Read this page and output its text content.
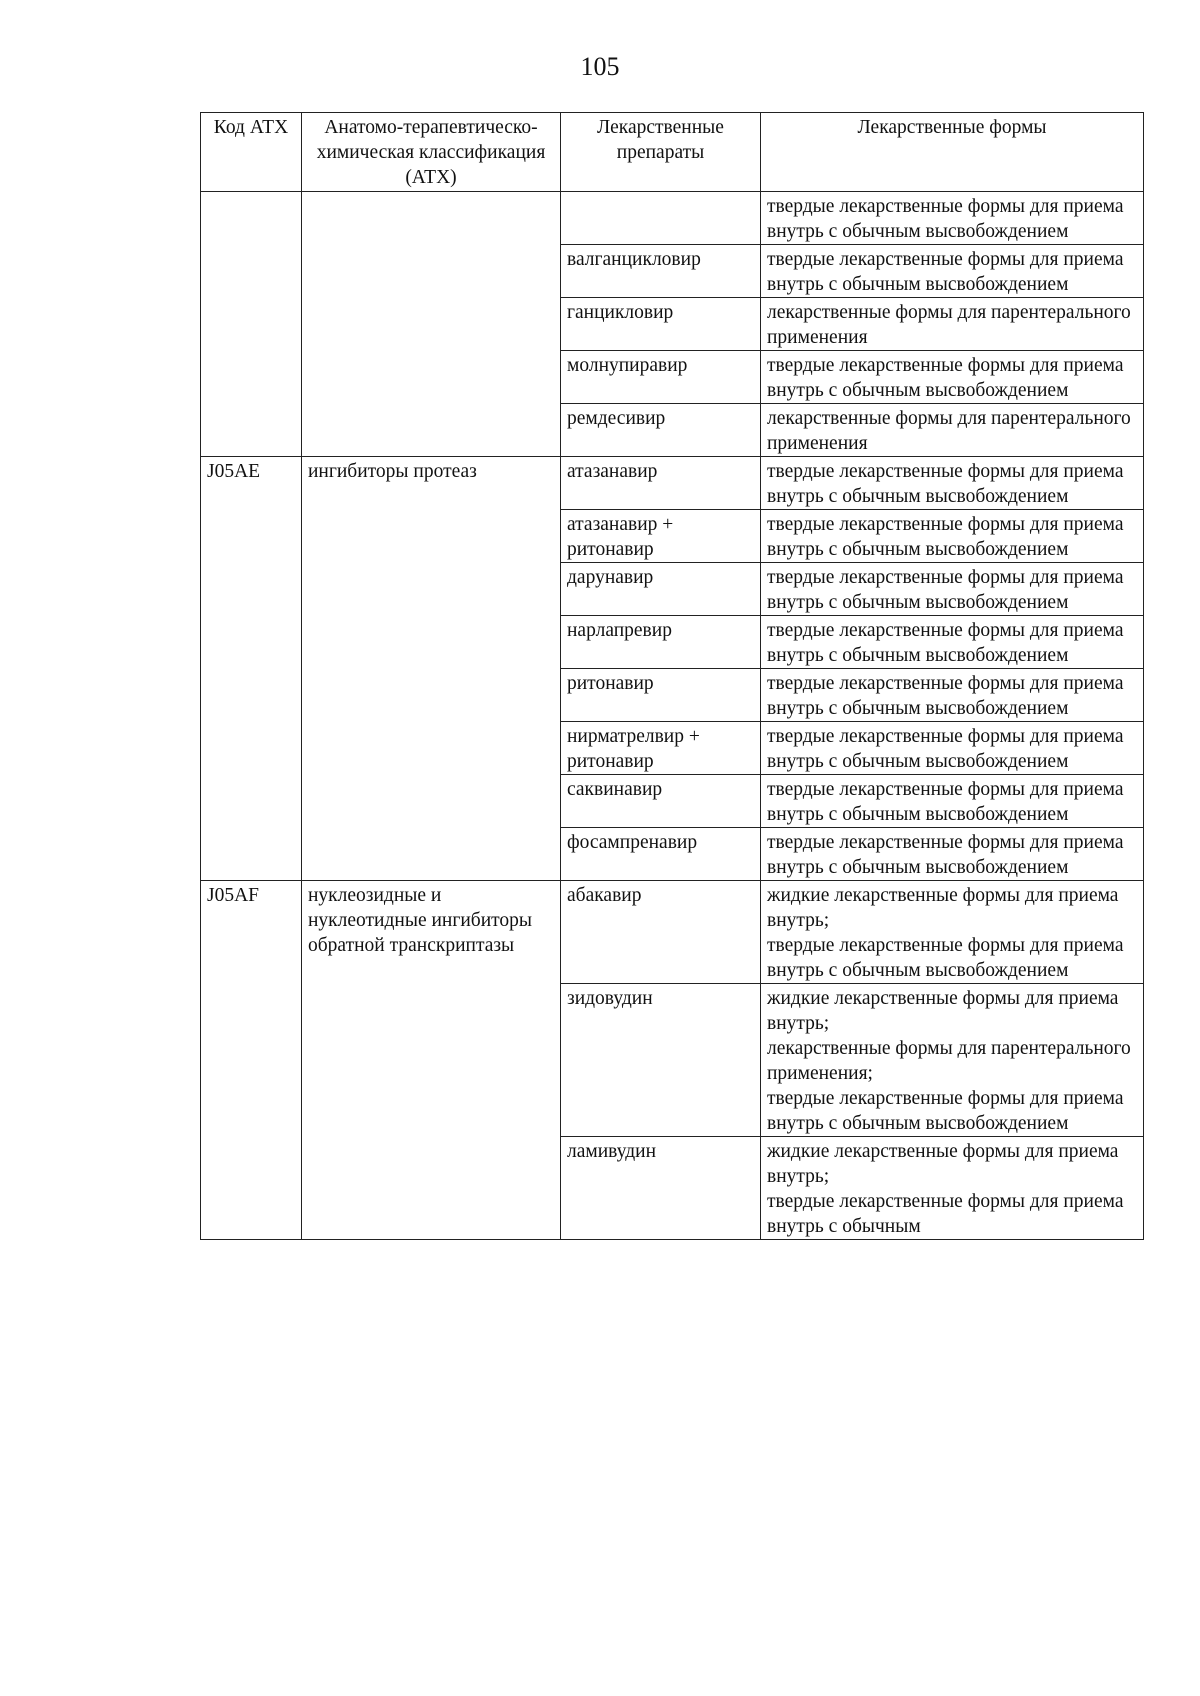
105
Код АТХ	Анатомо-терапевтическо-химическая классификация (АТХ)	Лекарственные препараты	Лекарственные формы

			твердые лекарственные формы для приема внутрь с обычным высвобождением

		валганцикловир	твердые лекарственные формы для приема внутрь с обычным высвобождением

		ганцикловир	лекарственные формы для парентерального применения

		молнупиравир	твердые лекарственные формы для приема внутрь с обычным высвобождением

		ремдесивир	лекарственные формы для парентерального применения

J05AE	ингибиторы протеаз	атазанавир	твердые лекарственные формы для приема внутрь с обычным высвобождением

		атазанавир + ритонавир	твердые лекарственные формы для приема внутрь с обычным высвобождением

		дарунавир	твердые лекарственные формы для приема внутрь с обычным высвобождением

		нарлапревир	твердые лекарственные формы для приема внутрь с обычным высвобождением

		ритонавир	твердые лекарственные формы для приема внутрь с обычным высвобождением

		нирматрелвир + ритонавир	твердые лекарственные формы для приема внутрь с обычным высвобождением

		саквинавир	твердые лекарственные формы для приема внутрь с обычным высвобождением

		фосампренавир	твердые лекарственные формы для приема внутрь с обычным высвобождением

J05AF	нуклеозидные и нуклеотидные ингибиторы обратной транскриптазы	абакавир	жидкие лекарственные формы для приема внутрь;
твердые лекарственные формы для приема внутрь с обычным высвобождением

		зидовудин	жидкие лекарственные формы для приема внутрь;
лекарственные формы для парентерального применения;
твердые лекарственные формы для приема внутрь с обычным высвобождением

		ламивудин	жидкие лекарственные формы для приема внутрь;
твердые лекарственные формы для приема внутрь с обычным
